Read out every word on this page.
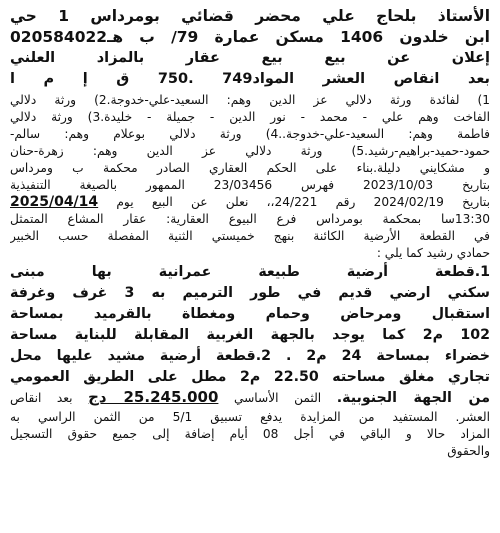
الأستاذ بلحاج علي محضر قضائي بومرداس 1 حي
ابن خلدون 1406 مسكن عمارة 79/ ب هـ020584022
إعلان عن بيع بيع عقار بالمزاد العلني
بعد انقاص العشر المواد749 .750 ق إ م ا
1) لفائدة ورثة دلالي عز الدين وهم: السعيد-علي-خدوجة.2) ورثة دلالي
الفاخت وهم علي - محمد - نور الدين - جميلة - خليدة.3) ورثة دلالي
فاطمة وهم: السعيد-علي-خدوجة..4) ورثة دلالي بوعلام وهم: سالم-
حمود-حميد-براهيم-رشيد.5) ورثة دلالي عز الدين وهم: زهرة-حنان
و مشكايني دليلة.بناء على الحكم العقاري الصادر محكمة ب ومرداس
بتاريخ 2023/10/03 فهرس 23/03456 الممهور بالصيغة التنفيذية
بتاريخ 2024/02/19 رقم 24/221،، نعلن عن البيع يوم 2025/04/14
13:30سا بمحكمة بومرداس فرع البيوع العقارية: عقار المشاع المتمثل
في القطعة الأرضية الكائنة بنهج خميستي الثنية المفصلة حسب الخبير
حمادي رشيد كما يلي :
1.قطعة أرضية طبيعة عمرانية بها مبنى
سكني ارضي قديم في طور الترميم به 3 غرف وغرفة
استقبال ومرحاض وحمام ومغطاة بالقرميد بمساحة
102 م2 كما يوجد بالجهة الغربية المقابلة للبناية مساحة
خضراء بمساحة 24 م2 . 2.قطعة أرضية مشيد عليها محل
تجاري مغلق مساحته 22.50 م2 مطل على الطريق العمومي
من الجهة الجنوبية. الثمن الأساسي 25.245.000 دج بعد انقاص
العشر. المستفيد من المزايدة يدفع تسبيق 5/1 من الثمن الراسي به
المزاد حالا و الباقي في أجل 08 أيام إضافة إلى جميع حقوق التسجيل
والحقوق
